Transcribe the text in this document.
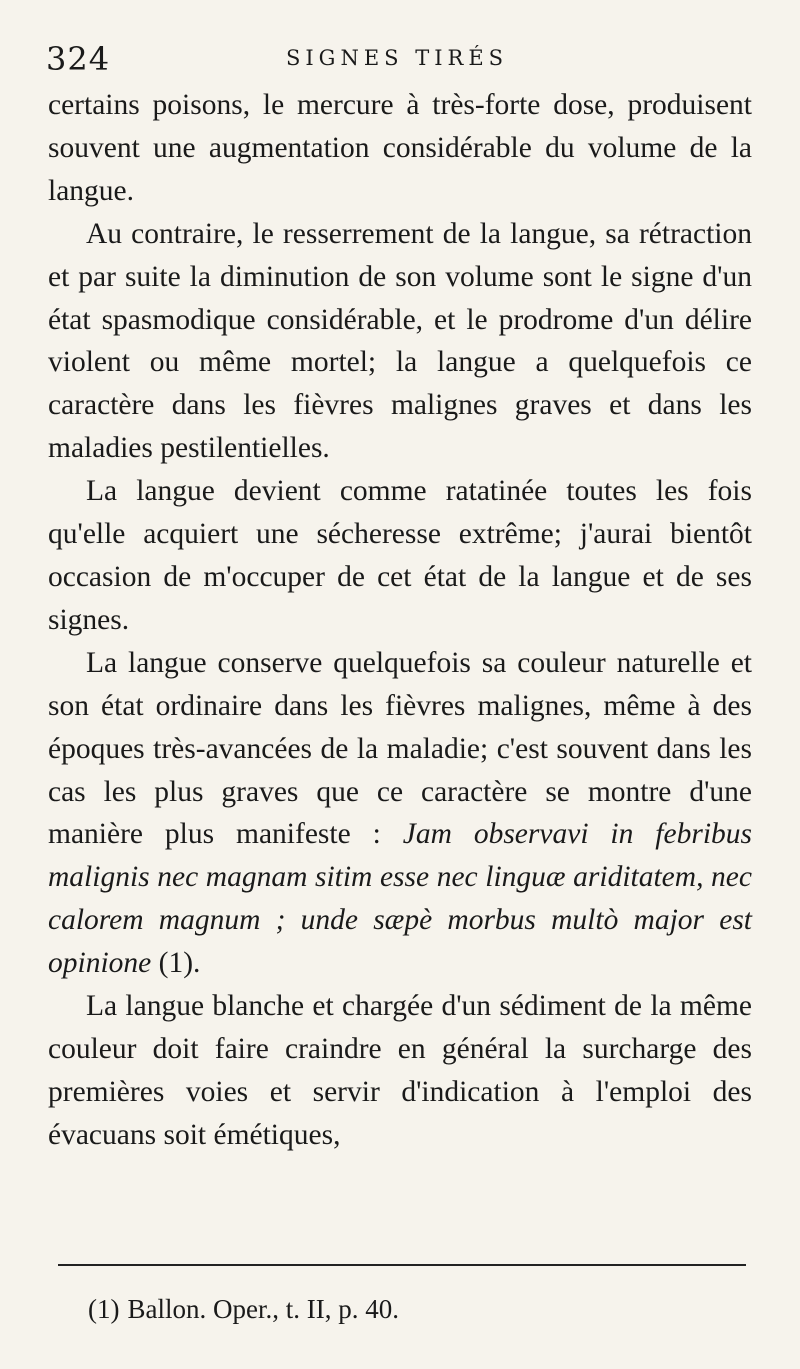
324	SIGNES TIRÉS

certains poisons, le mercure à très-forte dose, produisent souvent une augmentation considérable du volume de la langue.

Au contraire, le resserrement de la langue, sa rétraction et par suite la diminution de son volume sont le signe d'un état spasmodique considérable, et le prodrome d'un délire violent ou même mortel; la langue a quelquefois ce caractère dans les fièvres malignes graves et dans les maladies pestilentielles.

La langue devient comme ratatinée toutes les fois qu'elle acquiert une sécheresse extrême; j'aurai bientôt occasion de m'occuper de cet état de la langue et de ses signes.

La langue conserve quelquefois sa couleur naturelle et son état ordinaire dans les fièvres malignes, même à des époques très-avancées de la maladie; c'est souvent dans les cas les plus graves que ce caractère se montre d'une manière plus manifeste : Jam observavi in febribus malignis nec magnam sitim esse nec linguæ ariditatem, nec calorem magnum ; unde sæpè morbus multò major est opinione (1).

La langue blanche et chargée d'un sédiment de la même couleur doit faire craindre en général la surcharge des premières voies et servir d'indication à l'emploi des évacuans soit émétiques,

(1) Ballon. Oper., t. II, p. 40.
